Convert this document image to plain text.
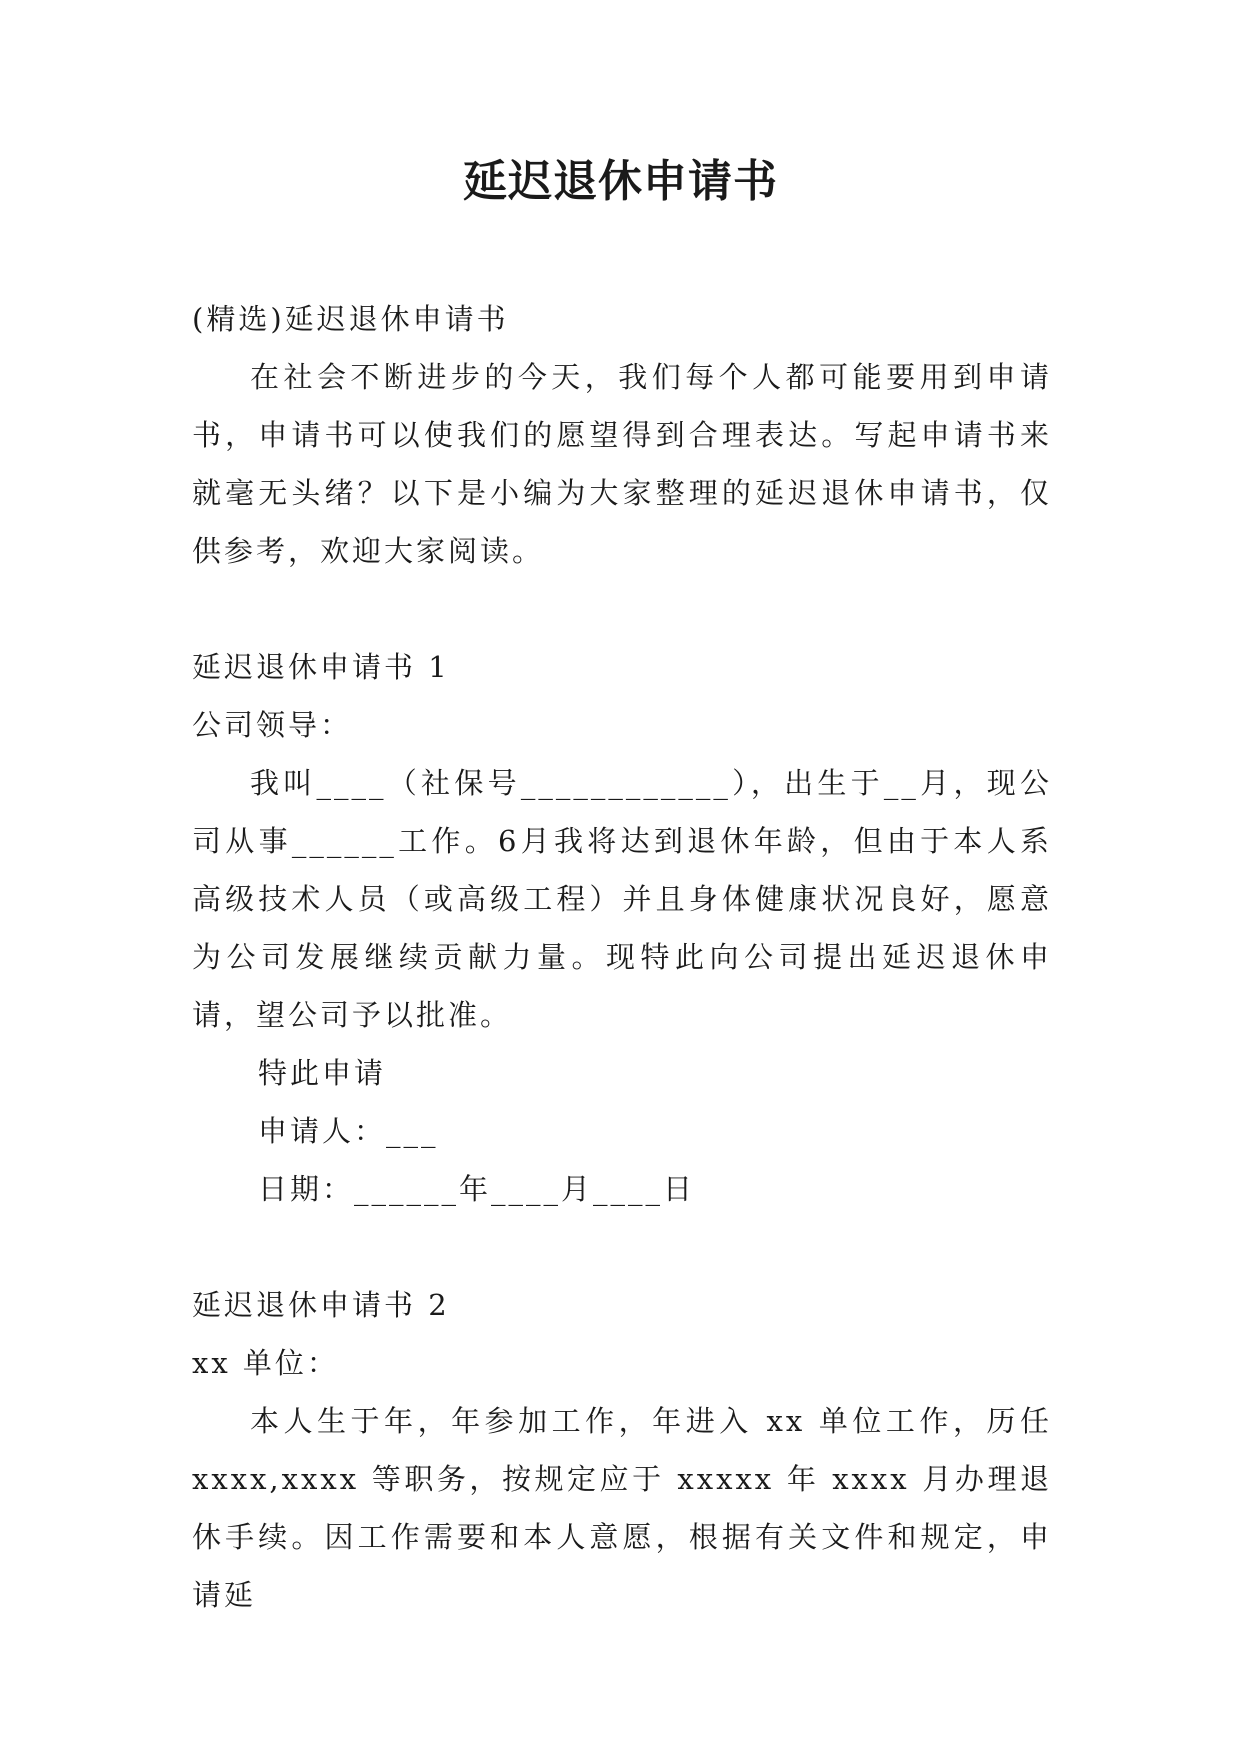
延迟退休申请书

(精选)延迟退休申请书

在社会不断进步的今天，我们每个人都可能要用到申请书，申请书可以使我们的愿望得到合理表达。写起申请书来就毫无头绪？以下是小编为大家整理的延迟退休申请书，仅供参考，欢迎大家阅读。

延迟退休申请书 1

公司领导：

我叫____（社保号____________），出生于__月，现公司从事______工作。6月我将达到退休年龄，但由于本人系高级技术人员（或高级工程）并且身体健康状况良好，愿意为公司发展继续贡献力量。现特此向公司提出延迟退休申请，望公司予以批准。

特此申请

申请人：___

日期：______年____月____日

延迟退休申请书 2

xx 单位：

本人生于年，年参加工作，年进入 xx 单位工作，历任 xxxx,xxxx 等职务，按规定应于 xxxxx 年 xxxx 月办理退休手续。因工作需要和本人意愿，根据有关文件和规定，申请延
